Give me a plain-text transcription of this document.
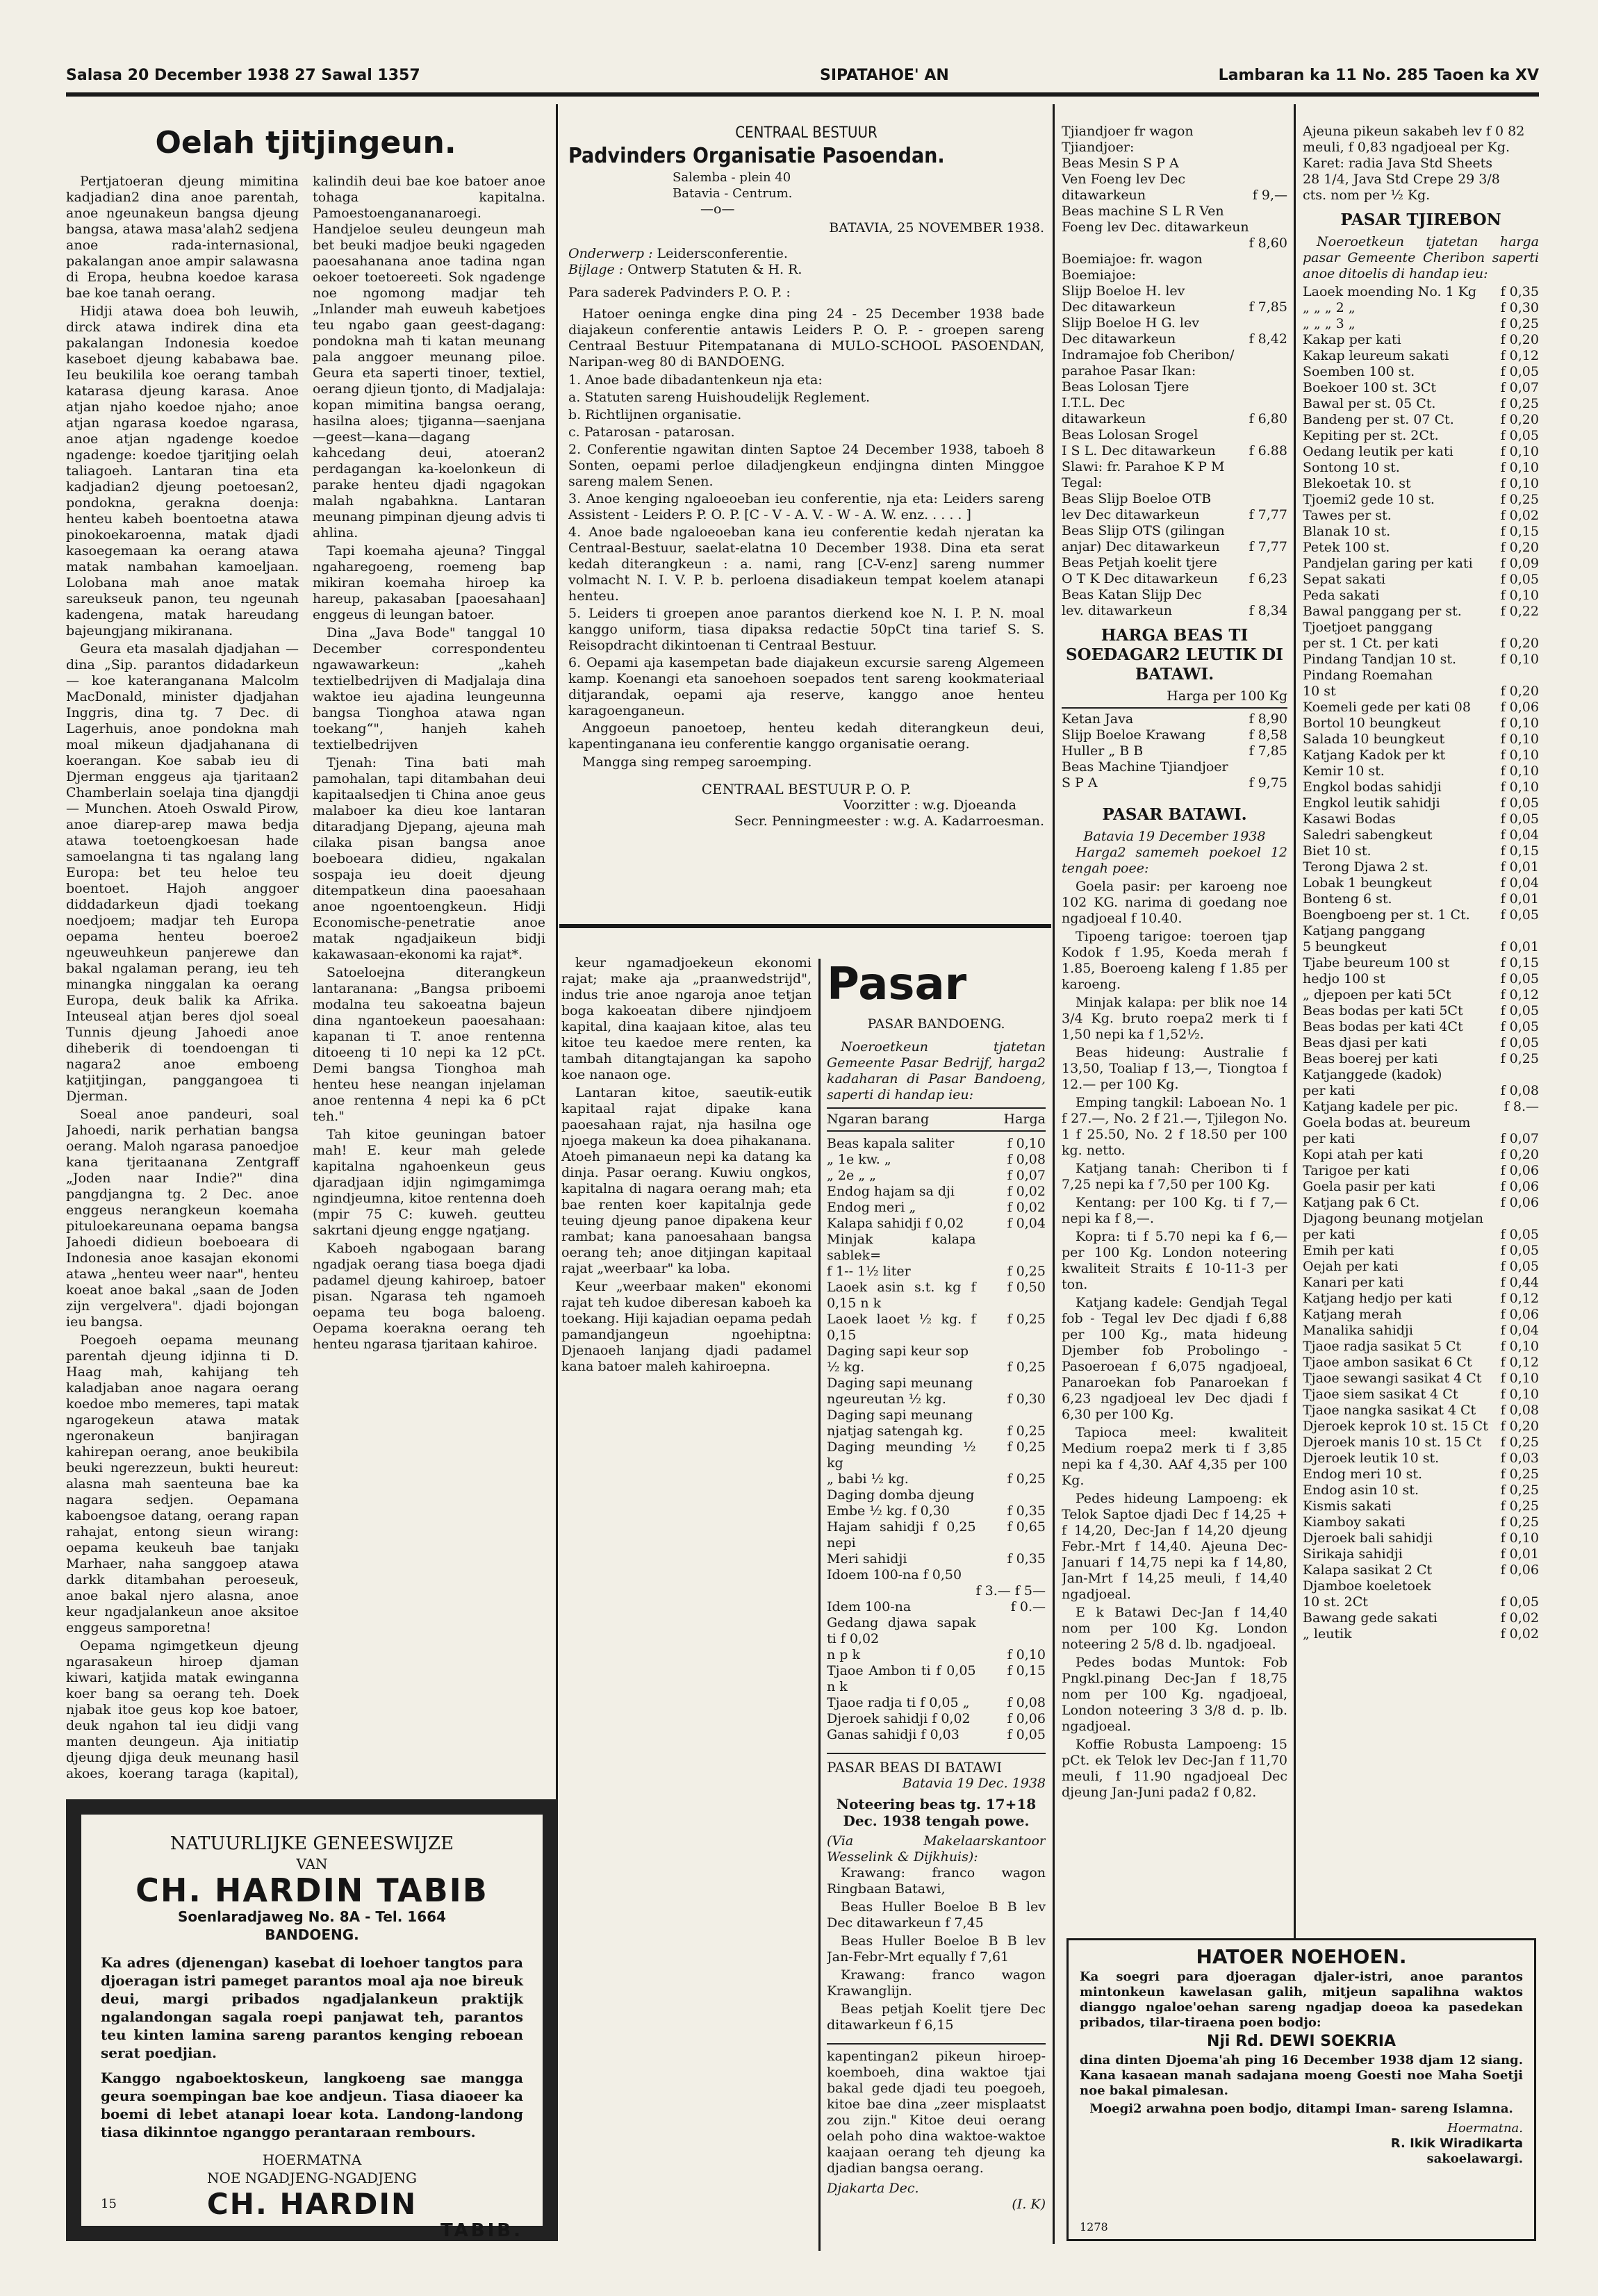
Salasa 20 December 1938 27 Sawal 1357	SIPATAHOE' AN	Lambaran ka 11 No. 285 Taoen ka XV
Oelah tjitjingeun.

Pertjatoeran djeung mimitina kadjadian2 dina anoe parentah, anoe ngeunakeun bangsa djeung bangsa, atawa masa'alah2 sedjena anoe rada-internasional, pakalangan anoe ampir salawasna di Eropa, heubna koedoe karasa bae koe tanah oerang.

Hidji atawa doea boh leuwih, dirck atawa indirek dina eta pakalangan Indonesia koedoe kaseboet djeung kababawa bae. Ieu beukilila koe oerang tambah katarasa djeung karasa. Anoe atjan njaho koedoe njaho; anoe atjan ngarasa koedoe ngarasa, anoe atjan ngadenge koedoe ngadenge: koedoe tjaritjing oelah taliagoeh. Lantaran tina eta kadjadian2 djeung poetoesan2, pondokna, geraknа doenja: henteu kabeh boentoetna atawa pinokoekaroenna, matak djadi kasoegemaan ka oerang atawa matak nambahan kamoeljaan. Lolobana mah anoe matak sareukseuk panon, teu ngeunah kadengena, matak hareudang bajeungjang mikiranana.

Geura eta masalah djadjahan — dina „Sip. parantos didadarkeun — koe katerangananа Malcolm MacDonald, minister djadjahan Inggris, dina tg. 7 Dec. di Lagerhuis, anoe pondokna mah mоal mikeun djadjahanana di koerangan. Koe sabab ieu di Djerman enggeus aja tjaritaan2 Chamberlain soelaja tina djangdji — Munchen. Atoeh Oswald Pirow, anoe diarep-arep mawa bedja atawa toetoengkoesan hade samoelangna ti tas ngalang lang Europa: bet teu heloe teu boentoet. Hajoh anggoer diddadarkeun djadi toekang noedjoem; madjar teh Europa oepama henteu boeroe2 ngeuweuhkeun panjerewe dan bakal ngalaman perang, ieu teh minangka ninggalan ka oerang Europa, deuk balik ka Afrika. Inteuseal atjan beres djol soeal Tunnis djeung Jahoedi anoe diheberik di toendoengan ti nagara2 anoe emboeng katjitjingan, panggangoea ti Djerman.

Soeal anoe pandeuri, soal Jahoedi, narik perhatian bangsa oerang. Maloh ngarasa panoedjoe kana tjeritaanana Zentgraff „Joden naar Indie?" dina pangdjangna tg. 2 Dec. anoe enggeus nerangkeun koemaha pituloekareunana oepama bangsa Jahoedi didieun boeboeara di Indonesia anoe kasajan ekonomi atawa „henteu weer naar", henteu koeat anoe bakal „saan de Joden zijn vergelvera". djadi bojongan ieu bangsa.

Poegoeh oepama meunang parentah djeung idjinna ti D. Haag mah, kahijang teh kaladjaban anoe nagara oerang koedoe mbo memeres, tapi matak ngarogekeun atawa matak ngeronakeun banjiragan kahirepan oerang, anoe beukibila beuki ngerezzeun, bukti heureut: alasna mah saenteuna bae ka nagara sedjen. Oepamana kaboengsoe datang, oerang rapan rahajat, entong sieun wirang: oepama keukeuh bae tanjakı Marhaer, naha sanggoep atawa darkk ditambahan peroeseuk, anoe bakal njero alasna, anoe keur ngadjalankeun anoe aksitoe enggeus samporetna!

Oepama ngimgetkeun djeung ngarasakeun hiroep djaman kiwari, katjida matak ewinganna koer bang sa oerang teh. Doek njabak itoe geus kop koe batoer, deuk ngahon tal ieu didji vang manten deungeun. Aja initiatip djeung djiga deuk meunang hasil akoes, koerang taraga (kapital), kalindih deui bae koe batoer anoe tohaga kapitalna. Pamoestoengananaroegi. Handjeloe seuleu deungeun mah bet beuki madjoe beuki ngageden paoesahanana anoe tadina ngan oekoer toetoereeti. Sok ngadenge noe ngomong madjar teh „Inlander mah euweuh kabetjoes teu ngabo gaan geest-dagang: pondokna mah ti katan meunang pala anggoer meunang piloe. Geura eta saperti tinoer, textiel, oerang djieun tjonto, di Madjalaja: kopan mimitina bangsa oerang, hasilna aloes; tjiganna—saenjana—geest—kana—dagang kahcedang deui, atoeran2 perdagangan ka-koelonkeun di parake henteu djadi ngagokan malah ngabahkna. Lantaran meunang pimpinan djeung advis ti ahlina.

Tapi koemaha ajeuna? Tinggal ngaharegoeng, roemeng bap mikiran koemaha hiroep ka hareup, pakasaban [paoesahaan] enggeus di leungan batoer.

Dina „Java Bode" tanggal 10 December correspondenteu ngawawarkeun: „kaheh textielbedrijven di Madjalaja dina waktoe ieu ajadina leungeunna bangsa Tionghoa atawa ngan toekang“", hanjeh kaheh textielbedrijven

Tjenah: Tina bati mah pamohalan, tapi ditambahan deui kapitaalsedjen ti China anoe geus malaboer ka dieu koe lantaran ditaradjang Djepang, ajeuna mah cilaka pisan bangsa anoe boeboeara didieu, ngakalan sospaja ieu doeit djeung ditempatkeun dina paoesahaan anoe ngoentoengkeun. Hidji Economische-penetratie anoe matak ngadjaikeun bidji kakawasaan-ekonomi ka rajat*.

Satoeloejna diterangkeun lantaranana: „Bangsa priboemi modalna teu sakoeatna bajeun dina ngantoekeun paoesahaan: kapanan ti T. anoe rentenna ditoeeng ti 10 nepi ka 12 pCt. Demi bangsa Tionghoa mah henteu hese neangan injelaman anoe rentenna 4 nepi ka 6 pCt teh."

Tah kitoe geuningan batoer mah! E. keur mah gelede kapitalna ngahoenkeun geus djaradjaan idjin ngimgamimga ngindjeumna, kitoe rentenna doeh (mpir 75 C: kuweh. geutteu sakrtani djeung engge ngatjang.

Kaboeh ngabogaan barang ngadjak oerang tiasa boega djadi padamel djeung kahiroep, batoer pisan. Ngarasa teh ngamoeh oepama teu boga baloeng. Oepama koerakna oerang teh henteu ngarasa tjaritaan kahiroe.

CENTRAAL BESTUUR
Padvinders Organisatie Pasoendan.
Salemba - plein 40
Batavia - Centrum.
—o—
BATAVIA, 25 NOVEMBER 1938.
Onderwerp : Leidersconferentie.
Bijlage : Ontwerp Statuten & H. R.
Para saderek Padvinders P. O. P. :

Hatoer oeninga engke dina ping 24 - 25 December 1938 bade diajakeun conferentie antawis Leiders P. O. P. - groepen sareng Centraal Bestuur Pitempatanana di MULO-SCHOOL PASOENDAN, Naripan-weg 80 di BANDOENG.

1. Anoe bade dibadantenkeun nja eta:
a. Statuten sareng Huishoudelijk Reglement.
b. Richtlijnen organisatie.
c. Patarosan - patarosan.
2. Conferentie ngawitan dinten Saptoe 24 December 1938, taboeh 8 Sonten, oepami perloe diladjengkeun endjingna dinten Minggoe sareng malem Senen.
3. Anoe kenging ngaloeoeban ieu conferentie, nja eta: Leiders sareng Assistent - Leiders P. O. P. [C - V - A. V. - W - A. W. enz. . . . . ]
4. Anoe bade ngaloeoeban kana ieu conferentie kedah njeratan ka Centraal-Bestuur, saelat-elatna 10 December 1938. Dina eta serat kedah diterangkeun : a. nami, rang [C-V-enz] sareng nummer volmacht N. I. V. P. b. perloena disadiakeun tempat koelem atanapi henteu.
5. Leiders ti groepen anoe parantos dierkend koe N. I. P. N. moal kanggo uniform, tiasa dipaksa redactie 50pCt tina tarief S. S. Reisopdracht dikintoenan ti Centraal Bestuur.
6. Oepami aja kasempetan bade diajakeun excursie sareng Algemeen kamp. Koenangi eta sanoehoen soepados tent sareng kookmateriaal ditjarandak, oepami aja reserve, kanggo anoe henteu karagoenganeun.

Anggoeun panoetoep, henteu kedah diterangkeun deui, kapentinganana ieu conferentie kanggo organisatie oerang.

Mangga sing rempeg saroemping.

CENTRAAL BESTUUR P. O. P.
Voorzitter : w.g. Djoeanda
Secr. Penningmeester : w.g. A. Kadarroesman.

keur ngamadjoekeun ekonomi rajat; make aja „praanwedstrijd", indus trie anoe ngaroja anoe tetjan boga kakoeatan dibere njindjoem kapital, dina kaajaan kitoe, alas teu kitoe teu kaedoe mere renten, ka tambah ditangtajangan ka sapoho koe nanaon oge.

Lantaran kitoe, saeutik-eutik kapitaal rajat dipake kana paoesahaan rajat, nja hasilna oge njoega makeun ka doea pihakanana. Atoeh pimanaeun nepi ka datang ka dinja. Pasar oerang. Kuwiu ongkos, kapitalna di nagara oerang mah; eta bae renten koer kapitalnja gede teuing djeung panoe dipakena keur rambat; kana panoesahaan bangsa oerang teh; anoe ditjingan kapitaal rajat „weerbaar" ka loba.

Keur „weerbaar maken" ekonomi rajat teh kudoe diberesan kaboeh ka toekang. Hiji kajadian oepama pedah pamandjangeun ngoehiptna: Djenaoeh lanjang djadi padamel kana batoer maleh kahiroepna.

Pasar
PASAR BANDOENG.

Noeroetkeun tjatetan Gemeente Pasar Bedrijf, harga2 kadaharan di Pasar Bandoeng, saperti di handap ieu:

Ngaran barang	Harga
Beas kapala saliter	f 0,10
„ 1e kw. „	f 0,08
„ 2e „ „	f 0,07
Endog hajam sa dji	f 0,02
Endog meri „	f 0,02
Kalapa sahidji f 0,02	f 0,04
Minjak kalapa sablek=	
f 1-- 1½ liter	f 0,25
Laoek asin s.t. kg f 0,15 n k	f 0,50
Laoek laoet ½ kg. f 0,15	f 0,25
Daging sapi keur sop	
½ kg.	f 0,25
Daging sapi meunang	
ngeureutan ½ kg.	f 0,30
Daging sapi meunang	
njatjag satengah kg.	f 0,25
Daging meunding ½ kg	f 0,25
„ babi ½ kg.	f 0,25
Daging domba djeung	
Embe ½ kg. f 0,30	f 0,35
Hajam sahidji f 0,25 nepi	f 0,65
Meri sahidji	f 0,35
Idoem 100-na f 0,50	
	f 3.— f 5—
Idem 100-na	f 0.—
Gedang djawa sapak ti f 0,02	
n p k	f 0,10
Tjaoe Ambon ti f 0,05 n k	f 0,15
Tjaoe radja ti f 0,05 „	f 0,08
Djeroek sahidji f 0,02	f 0,06
Ganas sahidji f 0,03	f 0,05
PASAR BEAS DI BATAWI
Batavia 19 Dec. 1938
Noteering beas tg. 17+18 Dec. 1938 tengah powe.
(Via Makelaarskantoor Wesselink & Dijkhuis):

Krawang: franco wagon Ringbaan Batawi,

Beas Huller Boeloe B B lev Dec ditawarkeun f 7,45

Beas Huller Boeloe B B lev Jan-Febr-Mrt equally f 7,61

Krawang: franco wagon Krawanglijn.

Beas petjah Koelit tjere Dec ditawarkeun f 6,15

kapentingan2 pikeun hiroep-koemboeh, dina waktoe tjai bakal gede djadi teu poegoeh, kitoe bae dina „zeer misplaatst zou zijn." Kitoe deui oerang oelah poho dina waktoe-waktoe kaajaan oerang teh djeung ka djadian bangsa oerang.
Djakarta Dec.
(I. K)
Tjiandjoer fr wagon
Tjiandjoer:
Beas Mesin S P A
Ven Foeng lev Dec
ditawarkeun	f 9,—
Beas machine S L R Ven
Foeng lev Dec. ditawarkeun
f 8,60
Boemiajoe: fr. wagon
Boemiajoe:
Slijp Boeloe H. lev
Dec ditawarkeun	f 7,85
Slijp Boeloe H G. lev
Dec ditawarkeun	f 8,42
Indramajoe fob Cheribon/
parahoe Pasar Ikan:
Beas Lolosan Tjere
I.T.L. Dec
ditawarkeun	f 6,80
Beas Lolosan Srogel
I S L. Dec ditawarkeun	f 6.88
Slawi: fr. Parahoe K P M
Tegal:
Beas Slijp Boeloe OTB
lev Dec ditawarkeun	f 7,77
Beas Slijp OTS (gilingan
anjar) Dec ditawarkeun f 7,77
Beas Petjah koelit tjere
O T K Dec ditawarkeun f 6,23
Beas Katan Slijp Dec
lev. ditawarkeun	f 8,34
HARGA BEAS TI SOEDAGAR2 LEUTIK DI BATAWI.
Harga per 100 Kg
Ketan Java	f 8,90
Slijp Boeloe Krawang	f 8,58
Huller „ B B	f 7,85
Beas Machine Tjiandjoer
S P A	f 9,75
PASAR BATAWI.
Batavia 19 December 1938

Harga2 samemeh poekoel 12 tengah poee:

Goela pasir: per karoeng noe 102 KG. narima di goedang noe ngadjoeal f 10.40.

Tipoeng tarigoe: toeroen tjap Kodok f 1.95, Koeda merah f 1.85, Boeroeng kaleng f 1.85 per karoeng.

Minjak kalapa: per blik noe 14 3/4 Kg. bruto roepa2 merk ti f 1,50 nepi ka f 1,52½.

Beas hideung: Australie f 13,50, Toaliap f 13,—, Tiongtoa f 12.— per 100 Kg.

Emping tangkil: Laboean No. 1 f 27.—, No. 2 f 21.—, Tjilegon No. 1 f 25.50, No. 2 f 18.50 per 100 kg. netto.

Katjang tanah: Cheribon ti f 7,25 nepi ka f 7,50 per 100 Kg.

Kentang: per 100 Kg. ti f 7,— nepi ka f 8,—.

Kopra: ti f 5.70 nepi ka f 6,— per 100 Kg. London noteering kwaliteit Straits £ 10-11-3 per ton.

Katjang kadele: Gendjah Tegal fob - Tegal lev Dec djadi f 6,88 per 100 Kg., mata hideung Djember fob Probolingo - Pasoeroean f 6,075 ngadjoeal, Panaroekan fob Panaroekan f 6,23 ngadjoeal lev Dec djadi f 6,30 per 100 Kg.

Tapioca meel: kwaliteit Medium roepa2 merk ti f 3,85 nepi ka f 4,30. AAf 4,35 per 100 Kg.

Pedes hideung Lampoeng: ek Telok Saptoe djadi Dec f 14,25 + f 14,20, Dec-Jan f 14,20 djeung Febr.-Mrt f 14,40. Ajeuna Dec-Januari f 14,75 nepi ka f 14,80, Jan-Mrt f 14,25 meuli, f 14,40 ngadjoeal.

E k Batawi Dec-Jan f 14,40 nom per 100 Kg. London noteering 2 5/8 d. lb. ngadjoeal.

Pedes bodas Muntok: Fob Pngkl.pinang Dec-Jan f 18,75 nom per 100 Kg. ngadjoeal, London noteering 3 3/8 d. p. lb. ngadjoeal.

Koffie Robusta Lampoeng: 15 pCt. ek Telok lev Dec-Jan f 11,70 meuli, f 11.90 ngadjoeal Dec djeung Jan-Juni pada2 f 0,82.

Ajeuna pikeun sakabeh lev f 0 82
meuli, f 0,83 ngadjoeal per Kg.
Karet: radia Java Std Sheets
28 1/4, Java Std Crepe 29 3/8
cts. nom per ½ Kg.
PASAR TJIREBON

Noeroetkeun tjatetan harga pasar Gemeente Cheribon saperti anoe ditoelis di handap ieu:

Laoek moending No. 1 Kg f 0,35
„ „ „ 2 „	f 0,30
„ „ „ 3 „	f 0,25
Kakap per kati	f 0,20
Kakap leureum sakati	f 0,12
Soemben 100 st.	f 0,05
Boekoer 100 st. 3Ct	f 0,07
Bawal per st. 05 Ct.	f 0,25
Bandeng per st. 07 Ct.	f 0,20
Kepiting per st. 2Ct.	f 0,05
Oedang leutik per kati	f 0,10
Sontong 10 st.	f 0,10
Blekoetak 10. st	f 0,10
Tjoemi2 gede 10 st.	f 0,25
Tawes per st.	f 0,02
Blanak 10 st.	f 0,15
Petek 100 st.	f 0,20
Pandjelan garing per kati f 0,09
Sepat sakati	f 0,05
Peda sakati	f 0,10
Bawal panggang per st.	f 0,22
Tjoetjoet panggang
per st. 1 Ct. per kati	f 0,20
Pindang Tandjan 10 st.	f 0,10
Pindang Roemahan
10 st	f 0,20
Koemeli gede per kati 08 f 0,06
Bortol 10 beungkeut	f 0,10
Salada 10 beungkeut	f 0,10
Katjang Kadok per kt	f 0,10
Kemir 10 st.	f 0,10
Engkol bodas sahidji	f 0,10
Engkol leutik sahidji	f 0,05
Kasawi Bodas	f 0,05
Saledri sabengkeut	f 0,04
Biet 10 st.	f 0,15
Terong Djawa 2 st.	f 0,01
Lobak 1 beungkeut	f 0,04
Bonteng 6 st.	f 0,01
Boengboeng per st. 1 Ct. f 0,05
Katjang panggang
5 beungkeut	f 0,01
Tjabe beureum 100 st	f 0,15
hedjo 100 st	f 0,05
„ djepoen per kati 5Ct	f 0,12
Beas bodas per kati 5Ct	f 0,05
Beas bodas per kati 4Ct	f 0,05
Beas djasi per kati	f 0,05
Beas boerej per kati	f 0,25
Katjanggede (kadok)
per kati	f 0,08
Katjang kadele per pic.	f 8.—
Goela bodas at. beureum
per kati	f 0,07
Kopi atah per kati	f 0,20
Tarigoe per kati	f 0,06
Goela pasir per kati	f 0,06
Katjang pak 6 Ct.	f 0,06
Djagong beunang motjelan
per kati	f 0,05
Emih per kati	f 0,05
Oejah per kati	f 0,05
Kanari per kati	f 0,44
Katjang hedjo per kati	f 0,12
Katjang merah	f 0,06
Manalika sahidji	f 0,04
Tjaoe radja sasikat 5 Ct	f 0,10
Tjaoe ambon sasikat 6 Ct f 0,12
Tjaoe sewangi sasikat 4 Ct f 0,10
Tjaoe siem sasikat 4 Ct	f 0,10
Tjaoe nangka sasikat 4 Ct f 0,08
Djeroek keprok 10 st. 15 Ct f 0,20
Djeroek manis 10 st. 15 Ct f 0,25
Djeroek leutik 10 st.	f 0,03
Endog meri 10 st.	f 0,25
Endog asin 10 st.	f 0,25
Kismis sakati	f 0,25
Kiamboy sakati	f 0,25
Djeroek bali sahidji	f 0,10
Sirikaja sahidji	f 0,01
Kalapa sasikat 2 Ct	f 0,06
Djamboe koeletoek
10 st. 2Ct	f 0,05
Bawang gede sakati	f 0,02
„ leutik	f 0,02
NATUURLIJKE GENEESWIJZE
VAN
CH. HARDIN TABIB
Soenlaradjaweg No. 8A - Tel. 1664
BANDOENG.
Ka adres (djenengan) kasebat di loehoer tangtos para djoeragan istri pameget parantos moal aja noe bireuk deui, margi pribados ngadjalankeun praktijk ngalandongan sagala roepi panjawat teh, parantos teu kinten lamina sareng parantos kenging reboean serat poedjian.
Kanggo ngaboektoskeun, langkoeng sae mangga geura soempingan bae koe andjeun. Tiasa diaoeer ka boemi di lebet atanapi loear kota. Landong-landong tiasa dikinntoe nganggo perantaraan rembours.
HOERMATNA
NOE NGADJENG-NGADJENG
CH. HARDIN
TABIB.
15
HATOER NOEHOEN.
Ka soegri para djoeragan djaler-istri, anoe parantos mintonkeun kawelasan galih, mitjeun sapalihna waktos dianggo ngaloe'oehan sareng ngadjap doeoa ka pasedekan pribados, tilar-tiraena poen bodjo:
Nji Rd. DEWI SOEKRIA
dina dinten Djoema'ah ping 16 December 1938 djam 12 siang. Kana kasaean manah sadajana moeng Goesti noe Maha Soetji noe bakal pimalesan.
Moegi2 arwahna poen bodjo, ditampi Iman- sareng Islamna.
Hoermatna.
R. Ikik Wiradikarta
sakoelawargi.
1278
